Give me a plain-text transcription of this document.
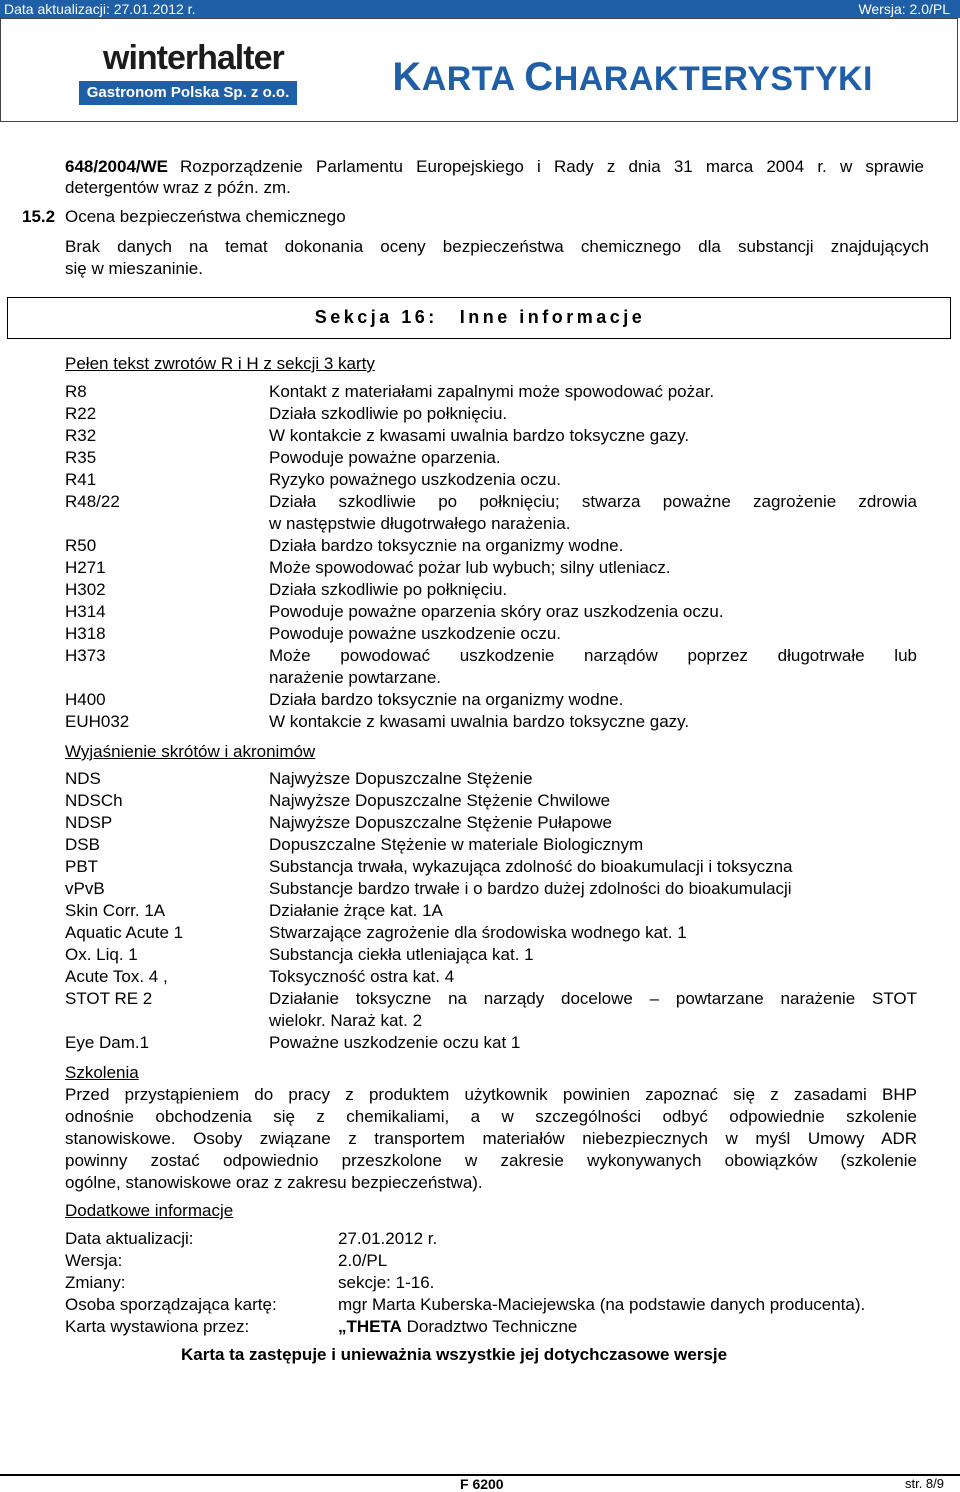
Data aktualizacji: 27.01.2012 r.	Wersja: 2.0/PL
winterhalter
Gastronom Polska Sp. z o.o.	KARTA CHARAKTERYSTYKI
648/2004/WE Rozporządzenie Parlamentu Europejskiego i Rady z dnia 31 marca 2004 r. w sprawie
detergentów wraz z późn. zm.
15.2 Ocena bezpieczeństwa chemicznego
Brak danych na temat dokonania oceny bezpieczeństwa chemicznego dla substancji znajdujących
się w mieszaninie.
Sekcja 16: Inne informacje
Pełen tekst zwrotów R i H z sekcji 3 karty
R8	Kontakt z materiałami zapalnymi może spowodować pożar.
R22	Działa szkodliwie po połknięciu.
R32	W kontakcie z kwasami uwalnia bardzo toksyczne gazy.
R35	Powoduje poważne oparzenia.
R41	Ryzyko poważnego uszkodzenia oczu.
R48/22	Działa szkodliwie po połknięciu; stwarza poważne zagrożenie zdrowia
w następstwie długotrwałego narażenia.
R50	Działa bardzo toksycznie na organizmy wodne.
H271	Może spowodować pożar lub wybuch; silny utleniacz.
H302	Działa szkodliwie po połknięciu.
H314	Powoduje poważne oparzenia skóry oraz uszkodzenia oczu.
H318	Powoduje poważne uszkodzenie oczu.
H373	Może powodować uszkodzenie narządów poprzez długotrwałe lub
narażenie powtarzane.
H400	Działa bardzo toksycznie na organizmy wodne.
EUH032	W kontakcie z kwasami uwalnia bardzo toksyczne gazy.
Wyjaśnienie skrótów i akronimów
NDS	Najwyższe Dopuszczalne Stężenie
NDSCh	Najwyższe Dopuszczalne Stężenie Chwilowe
NDSP	Najwyższe Dopuszczalne Stężenie Pułapowe
DSB	Dopuszczalne Stężenie w materiale Biologicznym
PBT	Substancja trwała, wykazująca zdolność do bioakumulacji i toksyczna
vPvB	Substancje bardzo trwałe i o bardzo dużej zdolności do bioakumulacji
Skin Corr. 1A	Działanie żrące kat. 1A
Aquatic Acute 1	Stwarzające zagrożenie dla środowiska wodnego kat. 1
Ox. Liq. 1	Substancja ciekła utleniająca kat. 1
Acute Tox. 4 ,	Toksyczność ostra kat. 4
STOT RE 2	Działanie toksyczne na narządy docelowe – powtarzane narażenie STOT
wielokr. Naraż kat. 2
Eye Dam.1	Poważne uszkodzenie oczu kat 1
Szkolenia
Przed przystąpieniem do pracy z produktem użytkownik powinien zapoznać się z zasadami BHP
odnośnie obchodzenia się z chemikaliami, a w szczególności odbyć odpowiednie szkolenie
stanowiskowe. Osoby związane z transportem materiałów niebezpiecznych w myśl Umowy ADR
powinny zostać odpowiednio przeszkolone w zakresie wykonywanych obowiązków (szkolenie
ogólne, stanowiskowe oraz z zakresu bezpieczeństwa).
Dodatkowe informacje
Data aktualizacji:	27.01.2012 r.
Wersja:	2.0/PL
Zmiany:	sekcje: 1-16.
Osoba sporządzająca kartę:	mgr Marta Kuberska-Maciejewska (na podstawie danych producenta).
Karta wystawiona przez:	„THETA Doradztwo Techniczne
Karta ta zastępuje i unieważnia wszystkie jej dotychczasowe wersje
F 6200	str. 8/9
